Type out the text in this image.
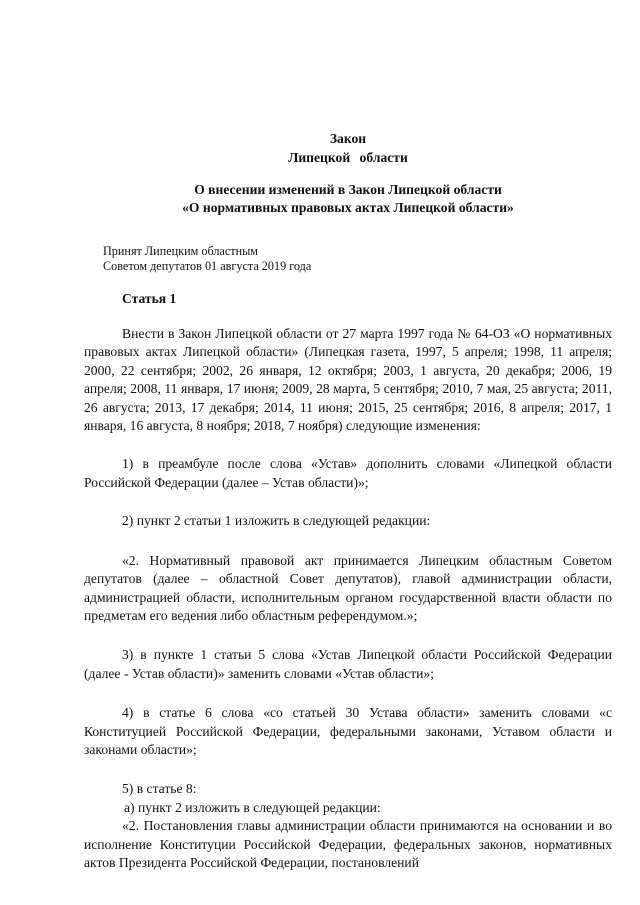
Закон

Липецкой области

О внесении изменений в Закон Липецкой области

«О нормативных правовых актах Липецкой области»

Принят Липецким областным
Советом депутатов 01 августа 2019 года
Статья 1

Внести в Закон Липецкой области от 27 марта 1997 года № 64-ОЗ «О нормативных правовых актах Липецкой области» (Липецкая газета, 1997, 5 апреля; 1998, 11 апреля; 2000, 22 сентября; 2002, 26 января, 12 октября; 2003, 1 августа, 20 декабря; 2006, 19 апреля; 2008, 11 января, 17 июня; 2009, 28 марта, 5 сентября; 2010, 7 мая, 25 августа; 2011, 26 августа; 2013, 17 декабря; 2014, 11 июня; 2015, 25 сентября; 2016, 8 апреля; 2017, 1 января, 16 августа, 8 ноября; 2018, 7 ноября) следующие изменения:

1) в преамбуле после слова «Устав» дополнить словами «Липецкой области Российской Федерации (далее – Устав области)»;

2) пункт 2 статьи 1 изложить в следующей редакции:

«2. Нормативный правовой акт принимается Липецким областным Советом депутатов (далее – областной Совет депутатов), главой администрации области, администрацией области, исполнительным органом государственной власти области по предметам его ведения либо областным референдумом.»;

3) в пункте 1 статьи 5 слова «Устав Липецкой области Российской Федерации (далее - Устав области)» заменить словами «Устав области»;

4) в статье 6 слова «со статьей 30 Устава области» заменить словами «с Конституцией Российской Федерации, федеральными законами, Уставом области и законами области»;

5) в статье 8:

а) пункт 2 изложить в следующей редакции:

«2. Постановления главы администрации области принимаются на основании и во исполнение Конституции Российской Федерации, федеральных законов, нормативных актов Президента Российской Федерации, постановлений
